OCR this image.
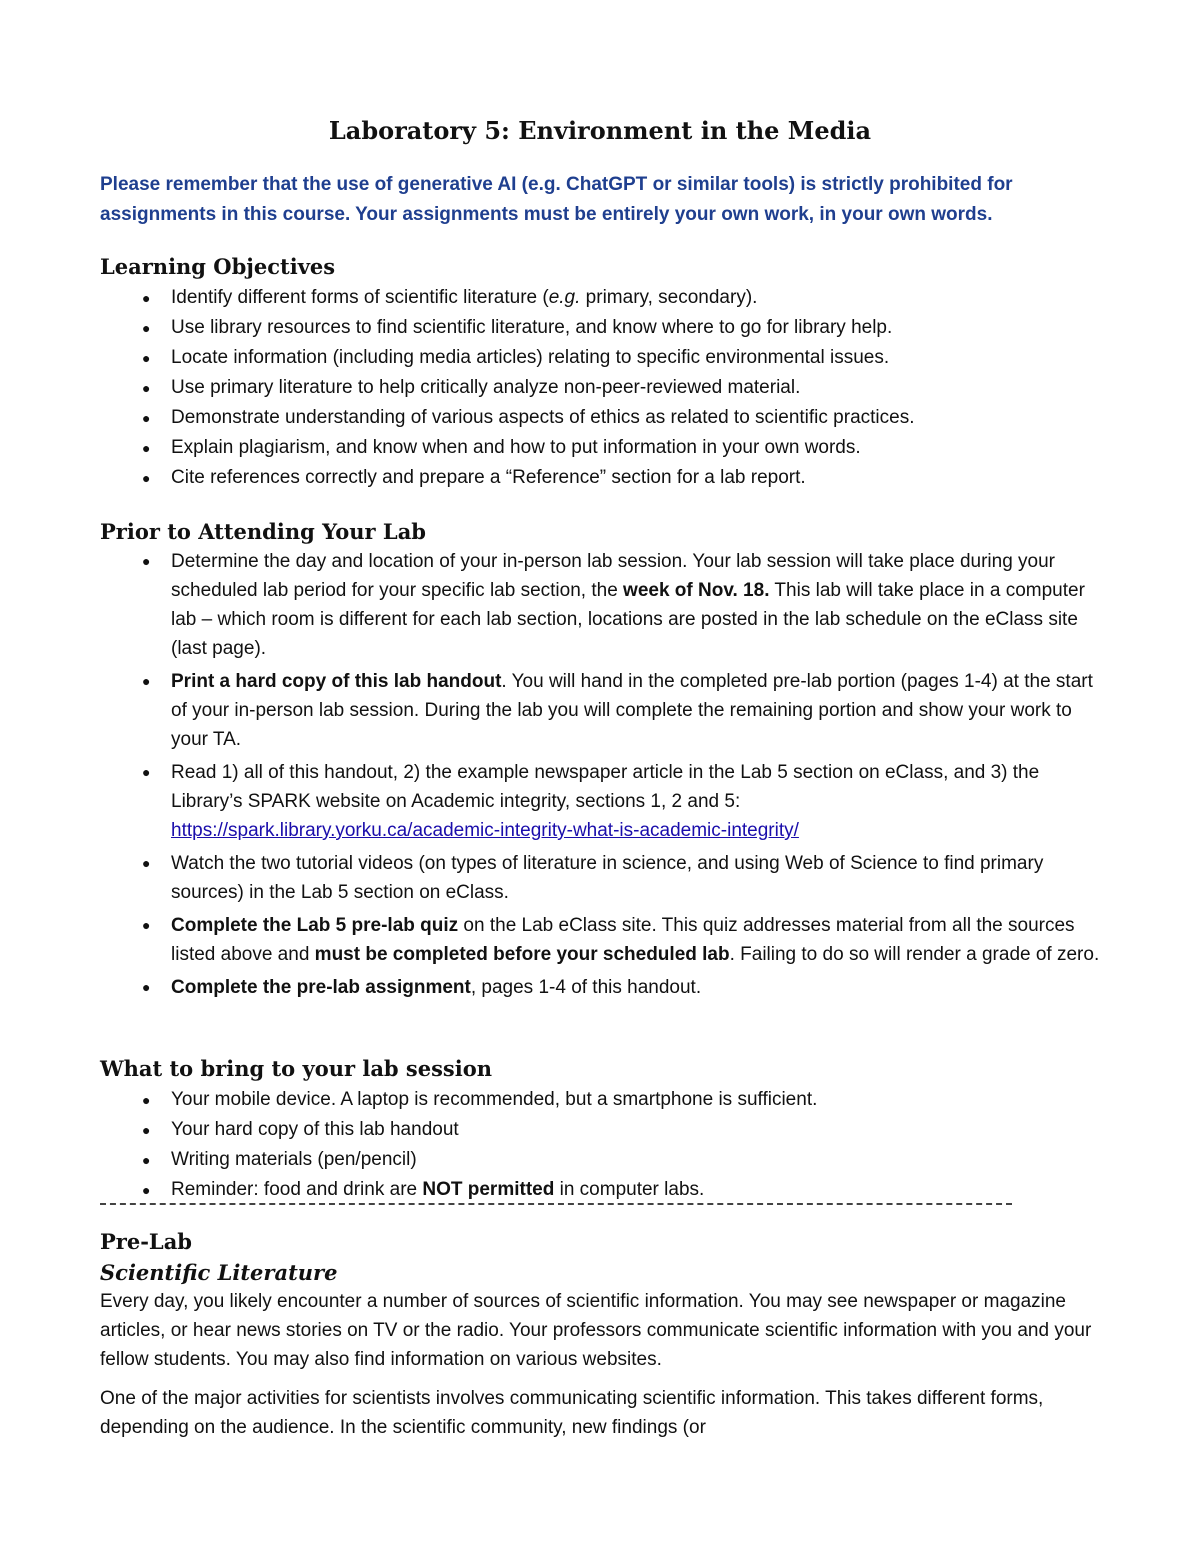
Laboratory 5: Environment in the Media
Please remember that the use of generative AI (e.g. ChatGPT or similar tools) is strictly prohibited for assignments in this course. Your assignments must be entirely your own work, in your own words.
Learning Objectives
● Identify different forms of scientific literature (e.g. primary, secondary).
● Use library resources to find scientific literature, and know where to go for library help.
● Locate information (including media articles) relating to specific environmental issues.
● Use primary literature to help critically analyze non-peer-reviewed material.
● Demonstrate understanding of various aspects of ethics as related to scientific practices.
● Explain plagiarism, and know when and how to put information in your own words.
● Cite references correctly and prepare a “Reference” section for a lab report.
Prior to Attending Your Lab
● Determine the day and location of your in-person lab session. Your lab session will take place during your scheduled lab period for your specific lab section, the week of Nov. 18. This lab will take place in a computer lab – which room is different for each lab section, locations are posted in the lab schedule on the eClass site (last page).
● Print a hard copy of this lab handout. You will hand in the completed pre-lab portion (pages 1-4) at the start of your in-person lab session. During the lab you will complete the remaining portion and show your work to your TA.
● Read 1) all of this handout, 2) the example newspaper article in the Lab 5 section on eClass, and 3) the Library’s SPARK website on Academic integrity, sections 1, 2 and 5:
https://spark.library.yorku.ca/academic-integrity-what-is-academic-integrity/
● Watch the two tutorial videos (on types of literature in science, and using Web of Science to find primary sources) in the Lab 5 section on eClass.
● Complete the Lab 5 pre-lab quiz on the Lab eClass site. This quiz addresses material from all the sources listed above and must be completed before your scheduled lab. Failing to do so will render a grade of zero.
● Complete the pre-lab assignment, pages 1-4 of this handout.
What to bring to your lab session
● Your mobile device. A laptop is recommended, but a smartphone is sufficient.
● Your hard copy of this lab handout
● Writing materials (pen/pencil)
● Reminder: food and drink are NOT permitted in computer labs.
Pre-Lab
Scientific Literature

Every day, you likely encounter a number of sources of scientific information. You may see newspaper or magazine articles, or hear news stories on TV or the radio. Your professors communicate scientific information with you and your fellow students. You may also find information on various websites.

One of the major activities for scientists involves communicating scientific information. This takes different forms, depending on the audience. In the scientific community, new findings (or
